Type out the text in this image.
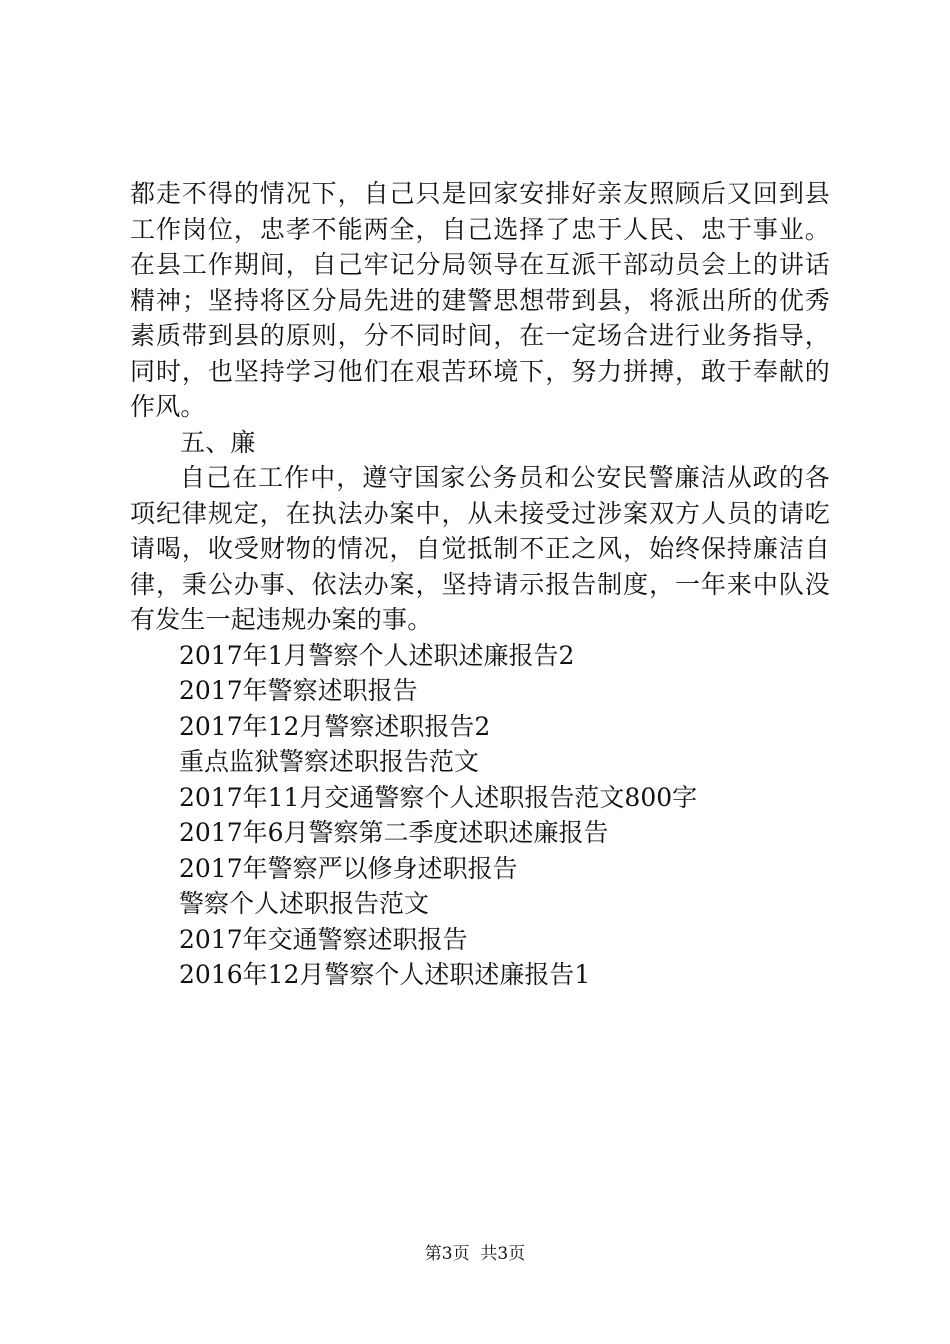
都走不得的情况下，自己只是回家安排好亲友照顾后又回到县工作岗位，忠孝不能两全，自己选择了忠于人民、忠于事业。在县工作期间，自己牢记分局领导在互派干部动员会上的讲话精神；坚持将区分局先进的建警思想带到县，将派出所的优秀素质带到县的原则，分不同时间，在一定场合进行业务指导，同时，也坚持学习他们在艰苦环境下，努力拼搏，敢于奉献的作风。

五、廉

自己在工作中，遵守国家公务员和公安民警廉洁从政的各项纪律规定，在执法办案中，从未接受过涉案双方人员的请吃请喝，收受财物的情况，自觉抵制不正之风，始终保持廉洁自律，秉公办事、依法办案，坚持请示报告制度，一年来中队没有发生一起违规办案的事。

2017年1月警察个人述职述廉报告2
2017年警察述职报告
2017年12月警察述职报告2
重点监狱警察述职报告范文
2017年11月交通警察个人述职报告范文800字
2017年6月警察第二季度述职述廉报告
2017年警察严以修身述职报告
警察个人述职报告范文
2017年交通警察述职报告
2016年12月警察个人述职述廉报告1
第3页  共3页
